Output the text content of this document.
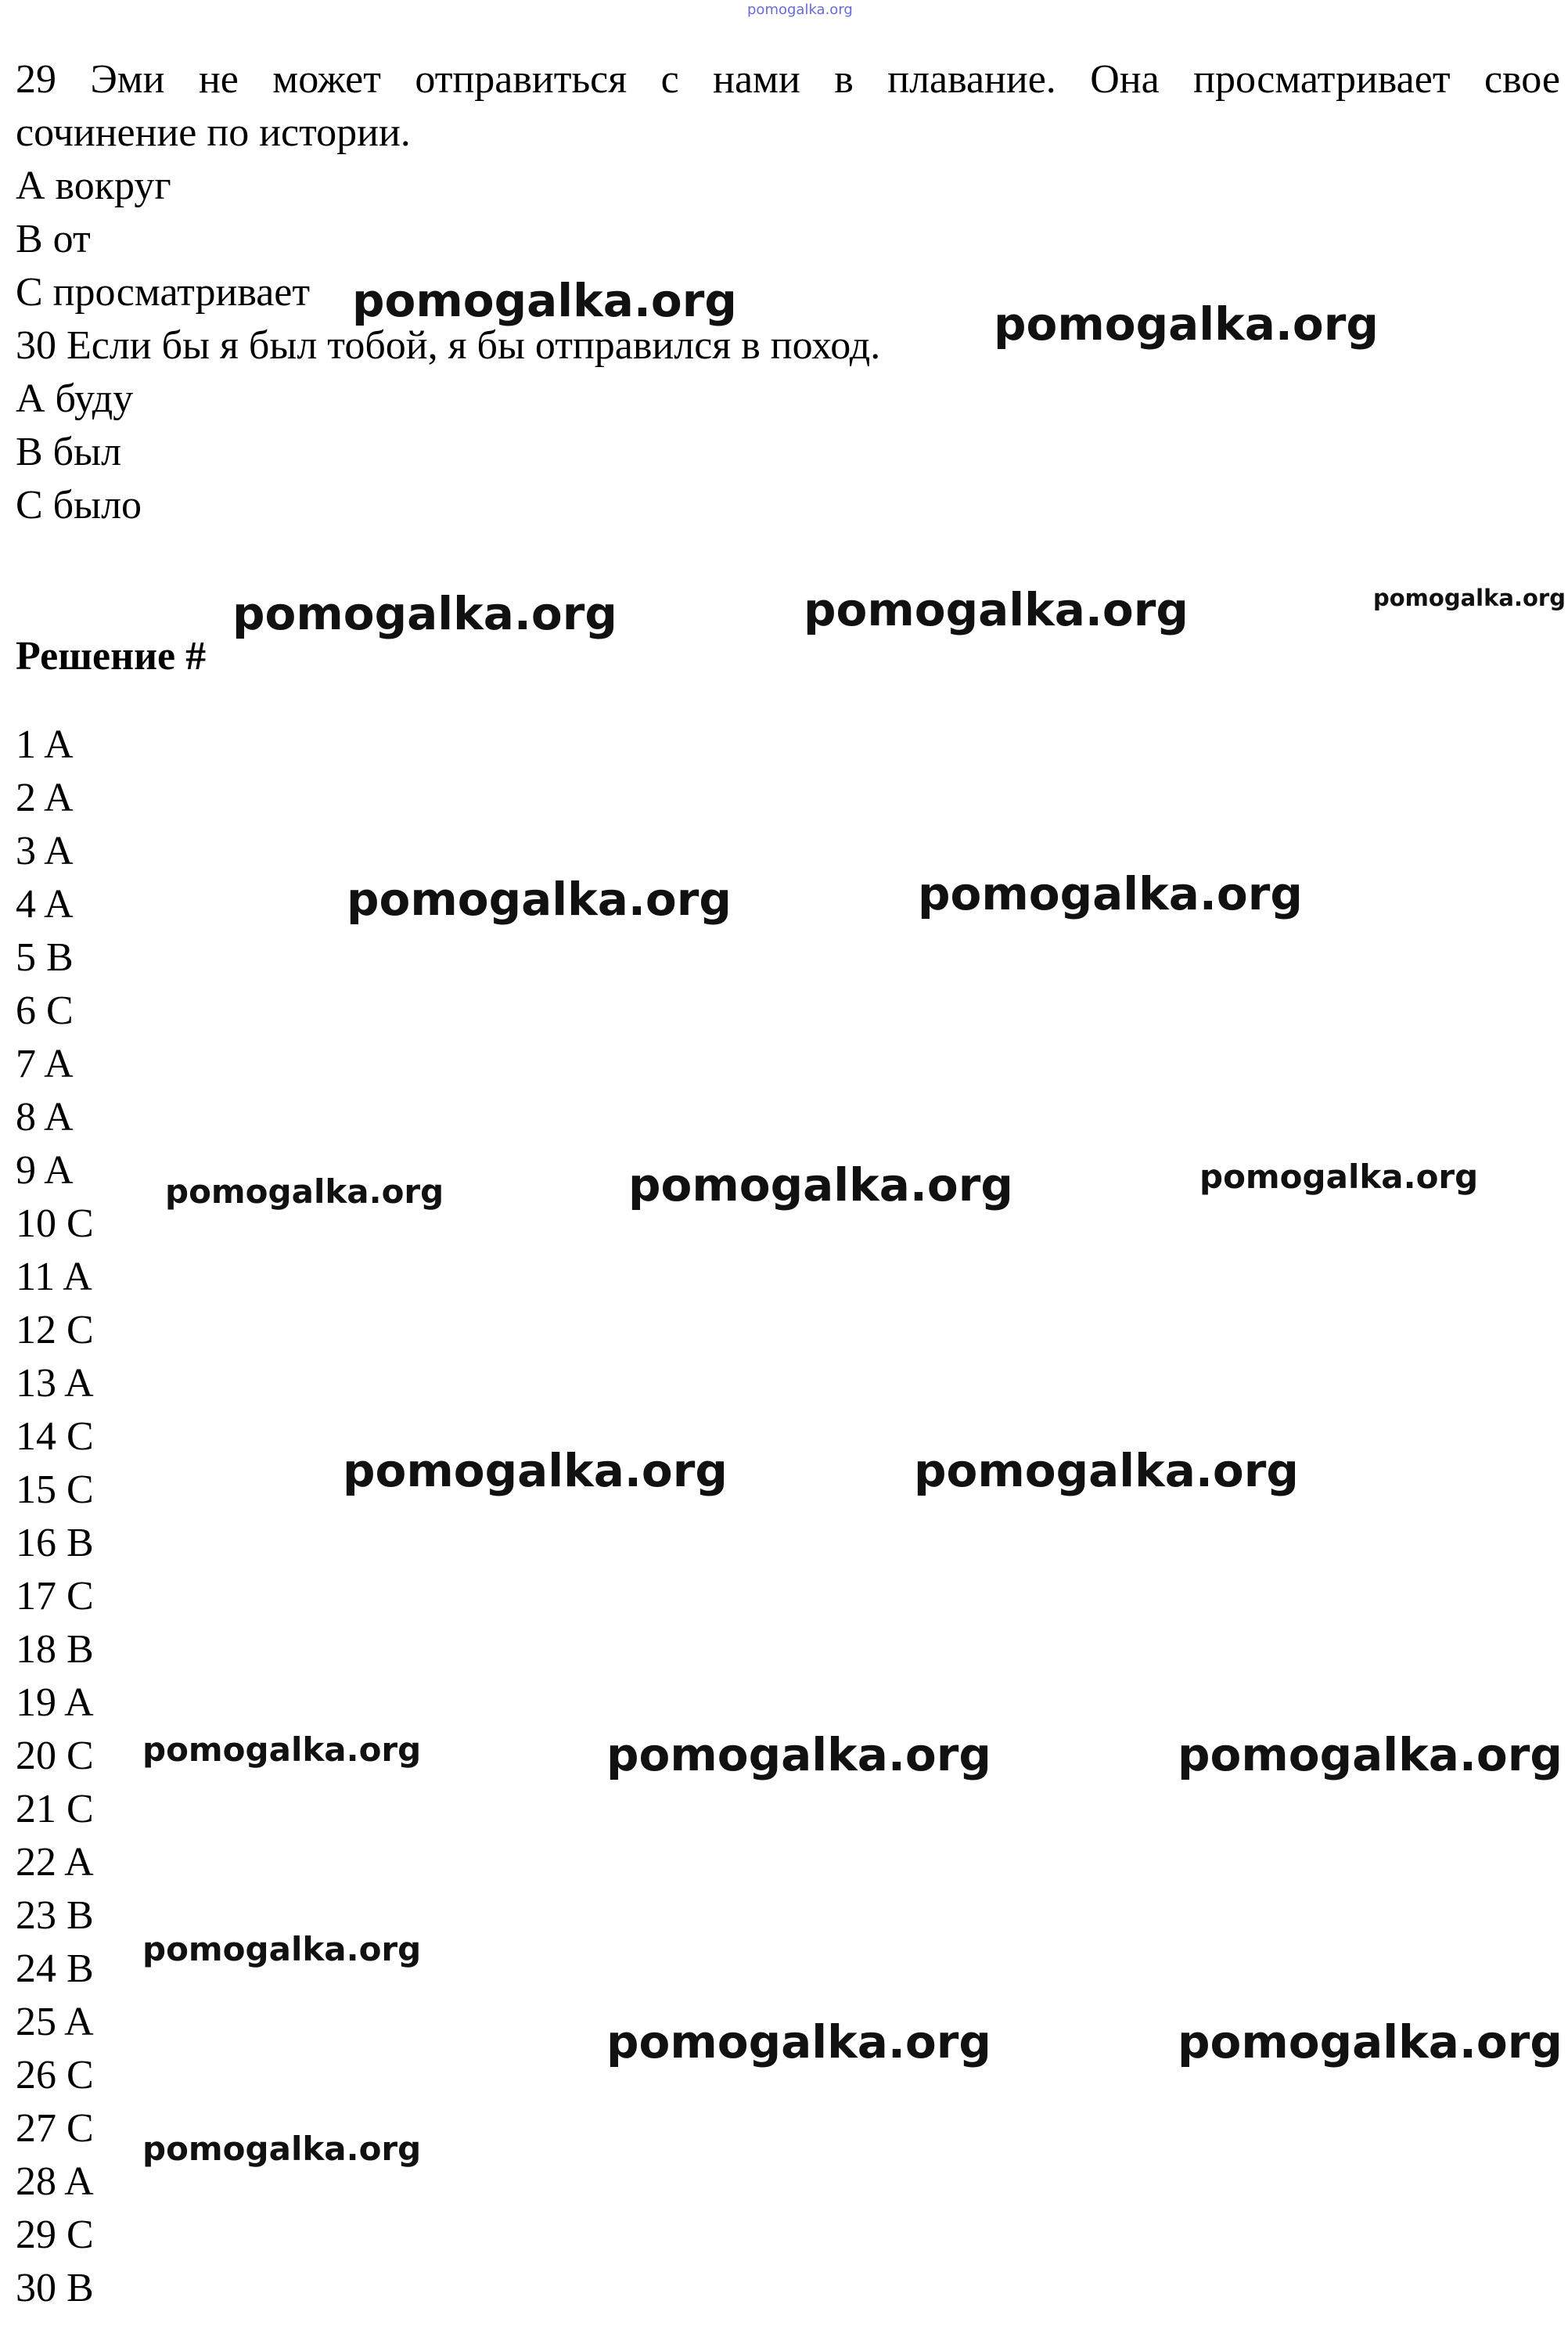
pomogalka.org
29 Эми не может отправиться с нами в плавание. Она просматривает свое
сочинение по истории.
А вокруг
В от
С просматривает
30 Если бы я был тобой, я бы отправился в поход.
А буду
В был
С было
Решение #
1 A
2 A
3 A
4 A
5 B
6 C
7 A
8 A
9 A
10 C
11 A
12 C
13 A
14 C
15 C
16 B
17 C
18 B
19 A
20 C
21 C
22 A
23 B
24 B
25 A
26 C
27 C
28 A
29 C
30 B
pomogalka.org	pomogalka.org
pomogalka.org	pomogalka.org	pomogalka.org
pomogalka.org	pomogalka.org
pomogalka.org	pomogalka.org	pomogalka.org
pomogalka.org	pomogalka.org
pomogalka.org	pomogalka.org	pomogalka.org
pomogalka.org
pomogalka.org	pomogalka.org
pomogalka.org
